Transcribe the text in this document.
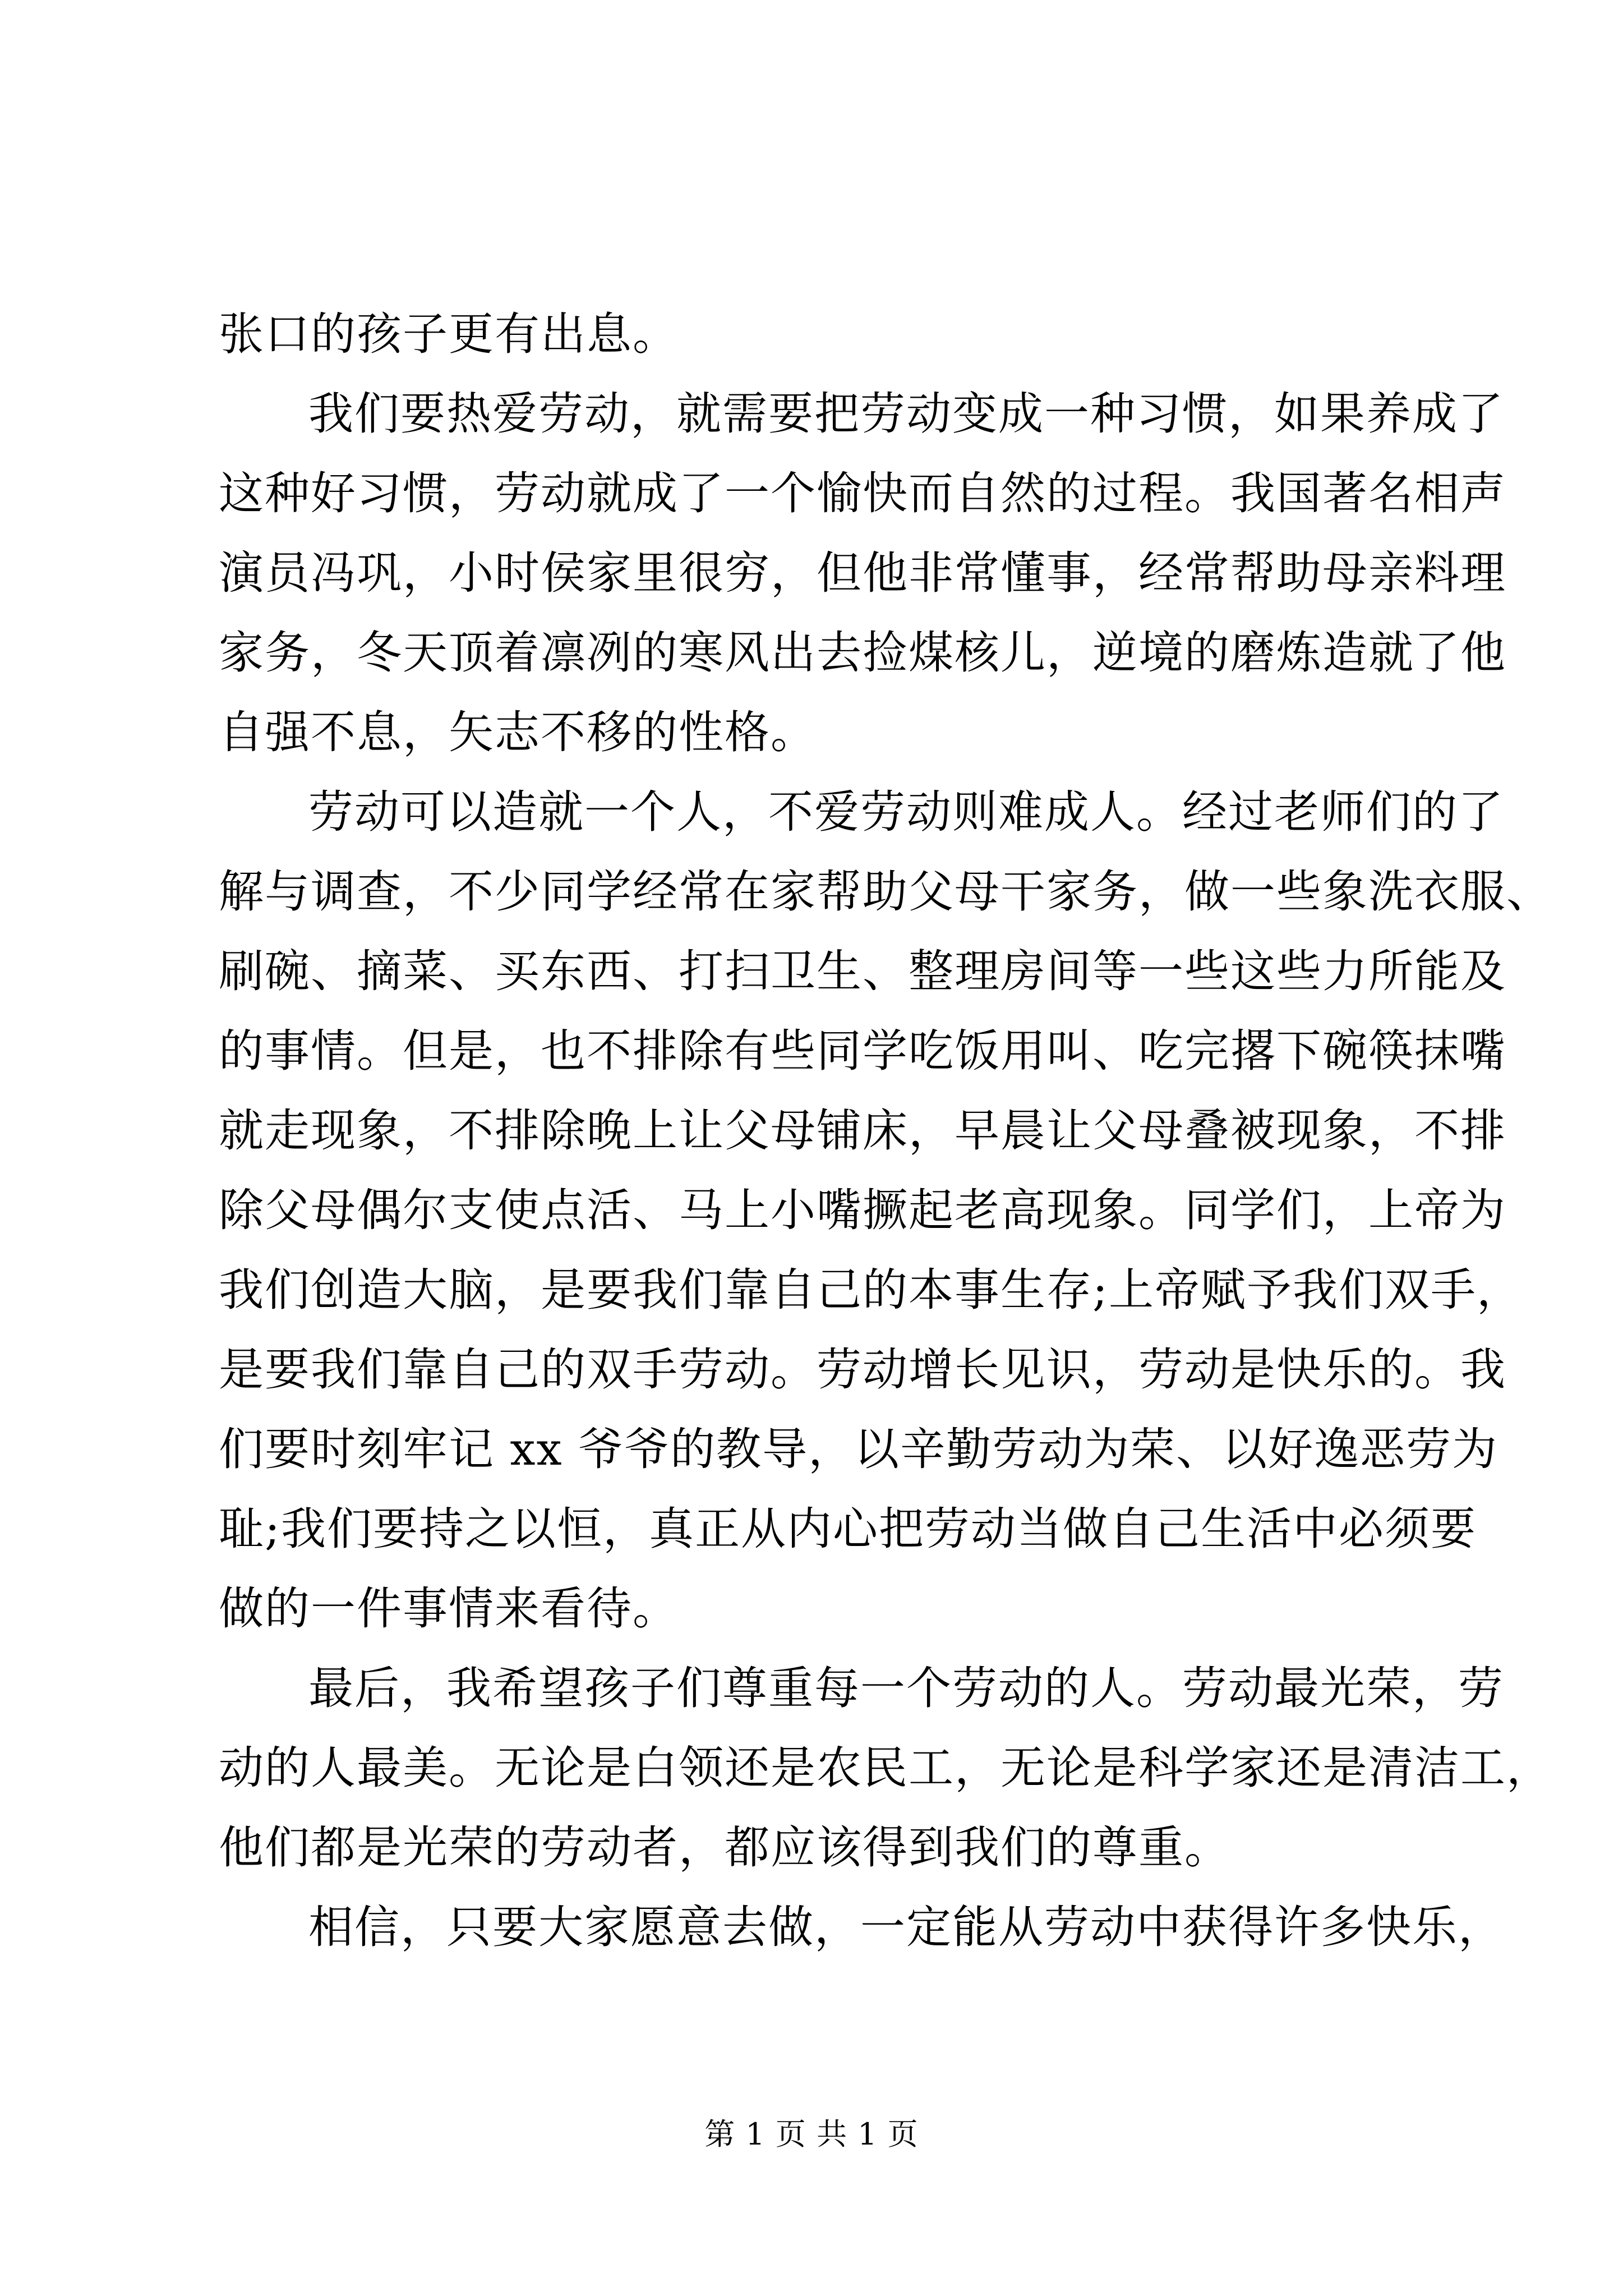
张口的孩子更有出息。
我们要热爱劳动，就需要把劳动变成一种习惯，如果养成了
这种好习惯，劳动就成了一个愉快而自然的过程。我国著名相声
演员冯巩，小时侯家里很穷，但他非常懂事，经常帮助母亲料理
家务，冬天顶着凛冽的寒风出去捡煤核儿，逆境的磨炼造就了他
自强不息，矢志不移的性格。
劳动可以造就一个人，不爱劳动则难成人。经过老师们的了
解与调查，不少同学经常在家帮助父母干家务，做一些象洗衣服、
刷碗、摘菜、买东西、打扫卫生、整理房间等一些这些力所能及
的事情。但是，也不排除有些同学吃饭用叫、吃完撂下碗筷抹嘴
就走现象，不排除晚上让父母铺床，早晨让父母叠被现象，不排
除父母偶尔支使点活、马上小嘴撅起老高现象。同学们，上帝为
我们创造大脑，是要我们靠自己的本事生存;上帝赋予我们双手，
是要我们靠自己的双手劳动。劳动增长见识，劳动是快乐的。我
们要时刻牢记 xx 爷爷的教导，以辛勤劳动为荣、以好逸恶劳为
耻;我们要持之以恒，真正从内心把劳动当做自己生活中必须要
做的一件事情来看待。
最后，我希望孩子们尊重每一个劳动的人。劳动最光荣，劳
动的人最美。无论是白领还是农民工，无论是科学家还是清洁工，
他们都是光荣的劳动者，都应该得到我们的尊重。
相信，只要大家愿意去做，一定能从劳动中获得许多快乐，
第 1 页 共 1 页
